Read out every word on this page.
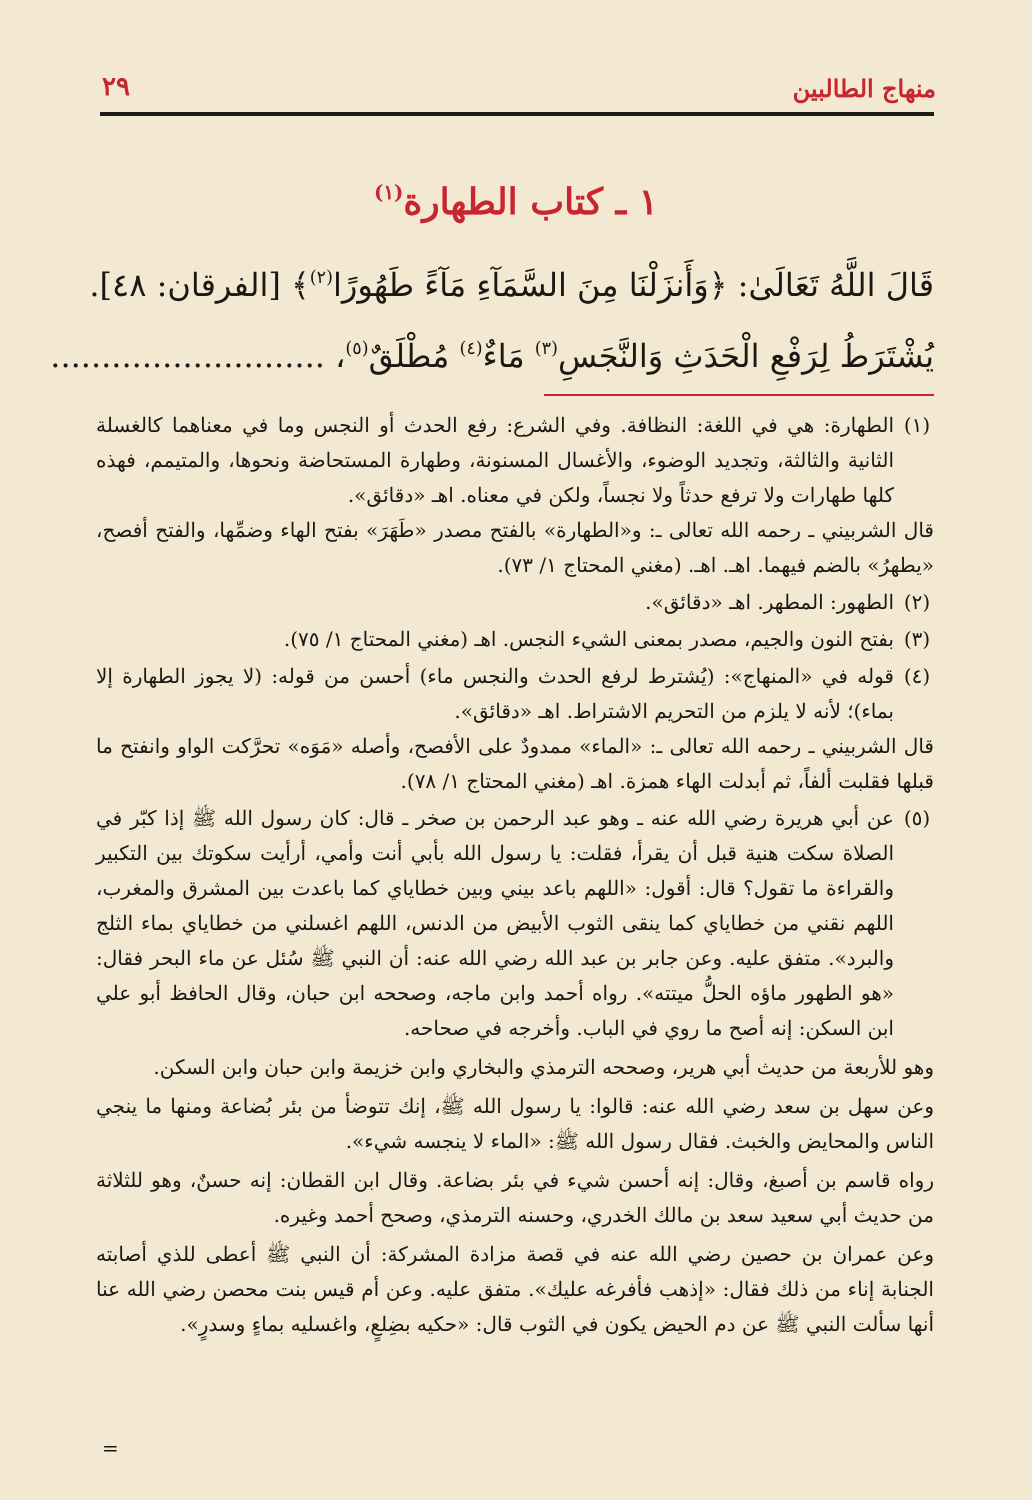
منهاج الطالبين
٢٩
١ ـ كتاب الطهارة$^{(١)}$
قَالَ اللَّهُ تَعَالَىٰ: ﴿وَأَنزَلْنَا مِنَ السَّمَآءِ مَآءً طَهُورًا$^{(٢)}$﴾ [الفرقان: ٤٨].
يُشْتَرَطُ لِرَفْعِ الْحَدَثِ وَالنَّجَسِ$^{(٣)}$ مَاءٌ$^{(٤)}$ مُطْلَقٌ$^{(٥)}$، ...........................
(١)

الطهارة: هي في اللغة: النظافة. وفي الشرع: رفع الحدث أو النجس وما في معناهما كالغسلة الثانية والثالثة، وتجديد الوضوء، والأغسال المسنونة، وطهارة المستحاضة ونحوها، والمتيمم، فهذه كلها طهارات ولا ترفع حدثاً ولا نجساً، ولكن في معناه. اهـ «دقائق».

قال الشربيني ـ رحمه الله تعالى ـ: و«الطهارة» بالفتح مصدر «طَهَرَ» بفتح الهاء وضمِّها، والفتح أفصح، «يطهرُ» بالضم فيهما. اهـ. اهـ. (مغني المحتاج ١/ ٧٣).

(٢)

الطهور: المطهر. اهـ «دقائق».

(٣)

بفتح النون والجيم، مصدر بمعنى الشيء النجس. اهـ (مغني المحتاج ١/ ٧٥).

(٤)

قوله في «المنهاج»: (يُشترط لرفع الحدث والنجس ماء) أحسن من قوله: (لا يجوز الطهارة إلا بماء)؛ لأنه لا يلزم من التحريم الاشتراط. اهـ «دقائق».

قال الشربيني ـ رحمه الله تعالى ـ: «الماء» ممدودٌ على الأفصح، وأصله «مَوَه» تحرَّكت الواو وانفتح ما قبلها فقلبت ألفاً، ثم أبدلت الهاء همزة. اهـ (مغني المحتاج ١/ ٧٨).

(٥)

عن أبي هريرة رضي الله عنه ـ وهو عبد الرحمن بن صخر ـ قال: كان رسول الله ﷺ إذا كبّر في الصلاة سكت هنية قبل أن يقرأ، فقلت: يا رسول الله بأبي أنت وأمي، أرأيت سكوتك بين التكبير والقراءة ما تقول؟ قال: أقول: «اللهم باعد بيني وبين خطاياي كما باعدت بين المشرق والمغرب، اللهم نقني من خطاياي كما ينقى الثوب الأبيض من الدنس، اللهم اغسلني من خطاياي بماء الثلج والبرد». متفق عليه. وعن جابر بن عبد الله رضي الله عنه: أن النبي ﷺ سُئل عن ماء البحر فقال: «هو الطهور ماؤه الحلُّ ميتته». رواه أحمد وابن ماجه، وصححه ابن حبان، وقال الحافظ أبو علي ابن السكن: إنه أصح ما روي في الباب. وأخرجه في صحاحه.

وهو للأربعة من حديث أبي هرير، وصححه الترمذي والبخاري وابن خزيمة وابن حبان وابن السكن.

وعن سهل بن سعد رضي الله عنه: قالوا: يا رسول الله ﷺ، إنك تتوضأ من بئر بُضاعة ومنها ما ينجي الناس والمحايض والخبث. فقال رسول الله ﷺ: «الماء لا ينجسه شيء».

رواه قاسم بن أصبغ، وقال: إنه أحسن شيء في بئر بضاعة. وقال ابن القطان: إنه حسنٌ، وهو للثلاثة من حديث أبي سعيد سعد بن مالك الخدري، وحسنه الترمذي، وصحح أحمد وغيره.

وعن عمران بن حصين رضي الله عنه في قصة مزادة المشركة: أن النبي ﷺ أعطى للذي أصابته الجنابة إناء من ذلك فقال: «إذهب فأفرغه عليك». متفق عليه. وعن أم قيس بنت محصن رضي الله عنا أنها سألت النبي ﷺ عن دم الحيض يكون في الثوب قال: «حكيه بضِلعٍ، واغسليه بماءٍ وسدرٍ».

=
